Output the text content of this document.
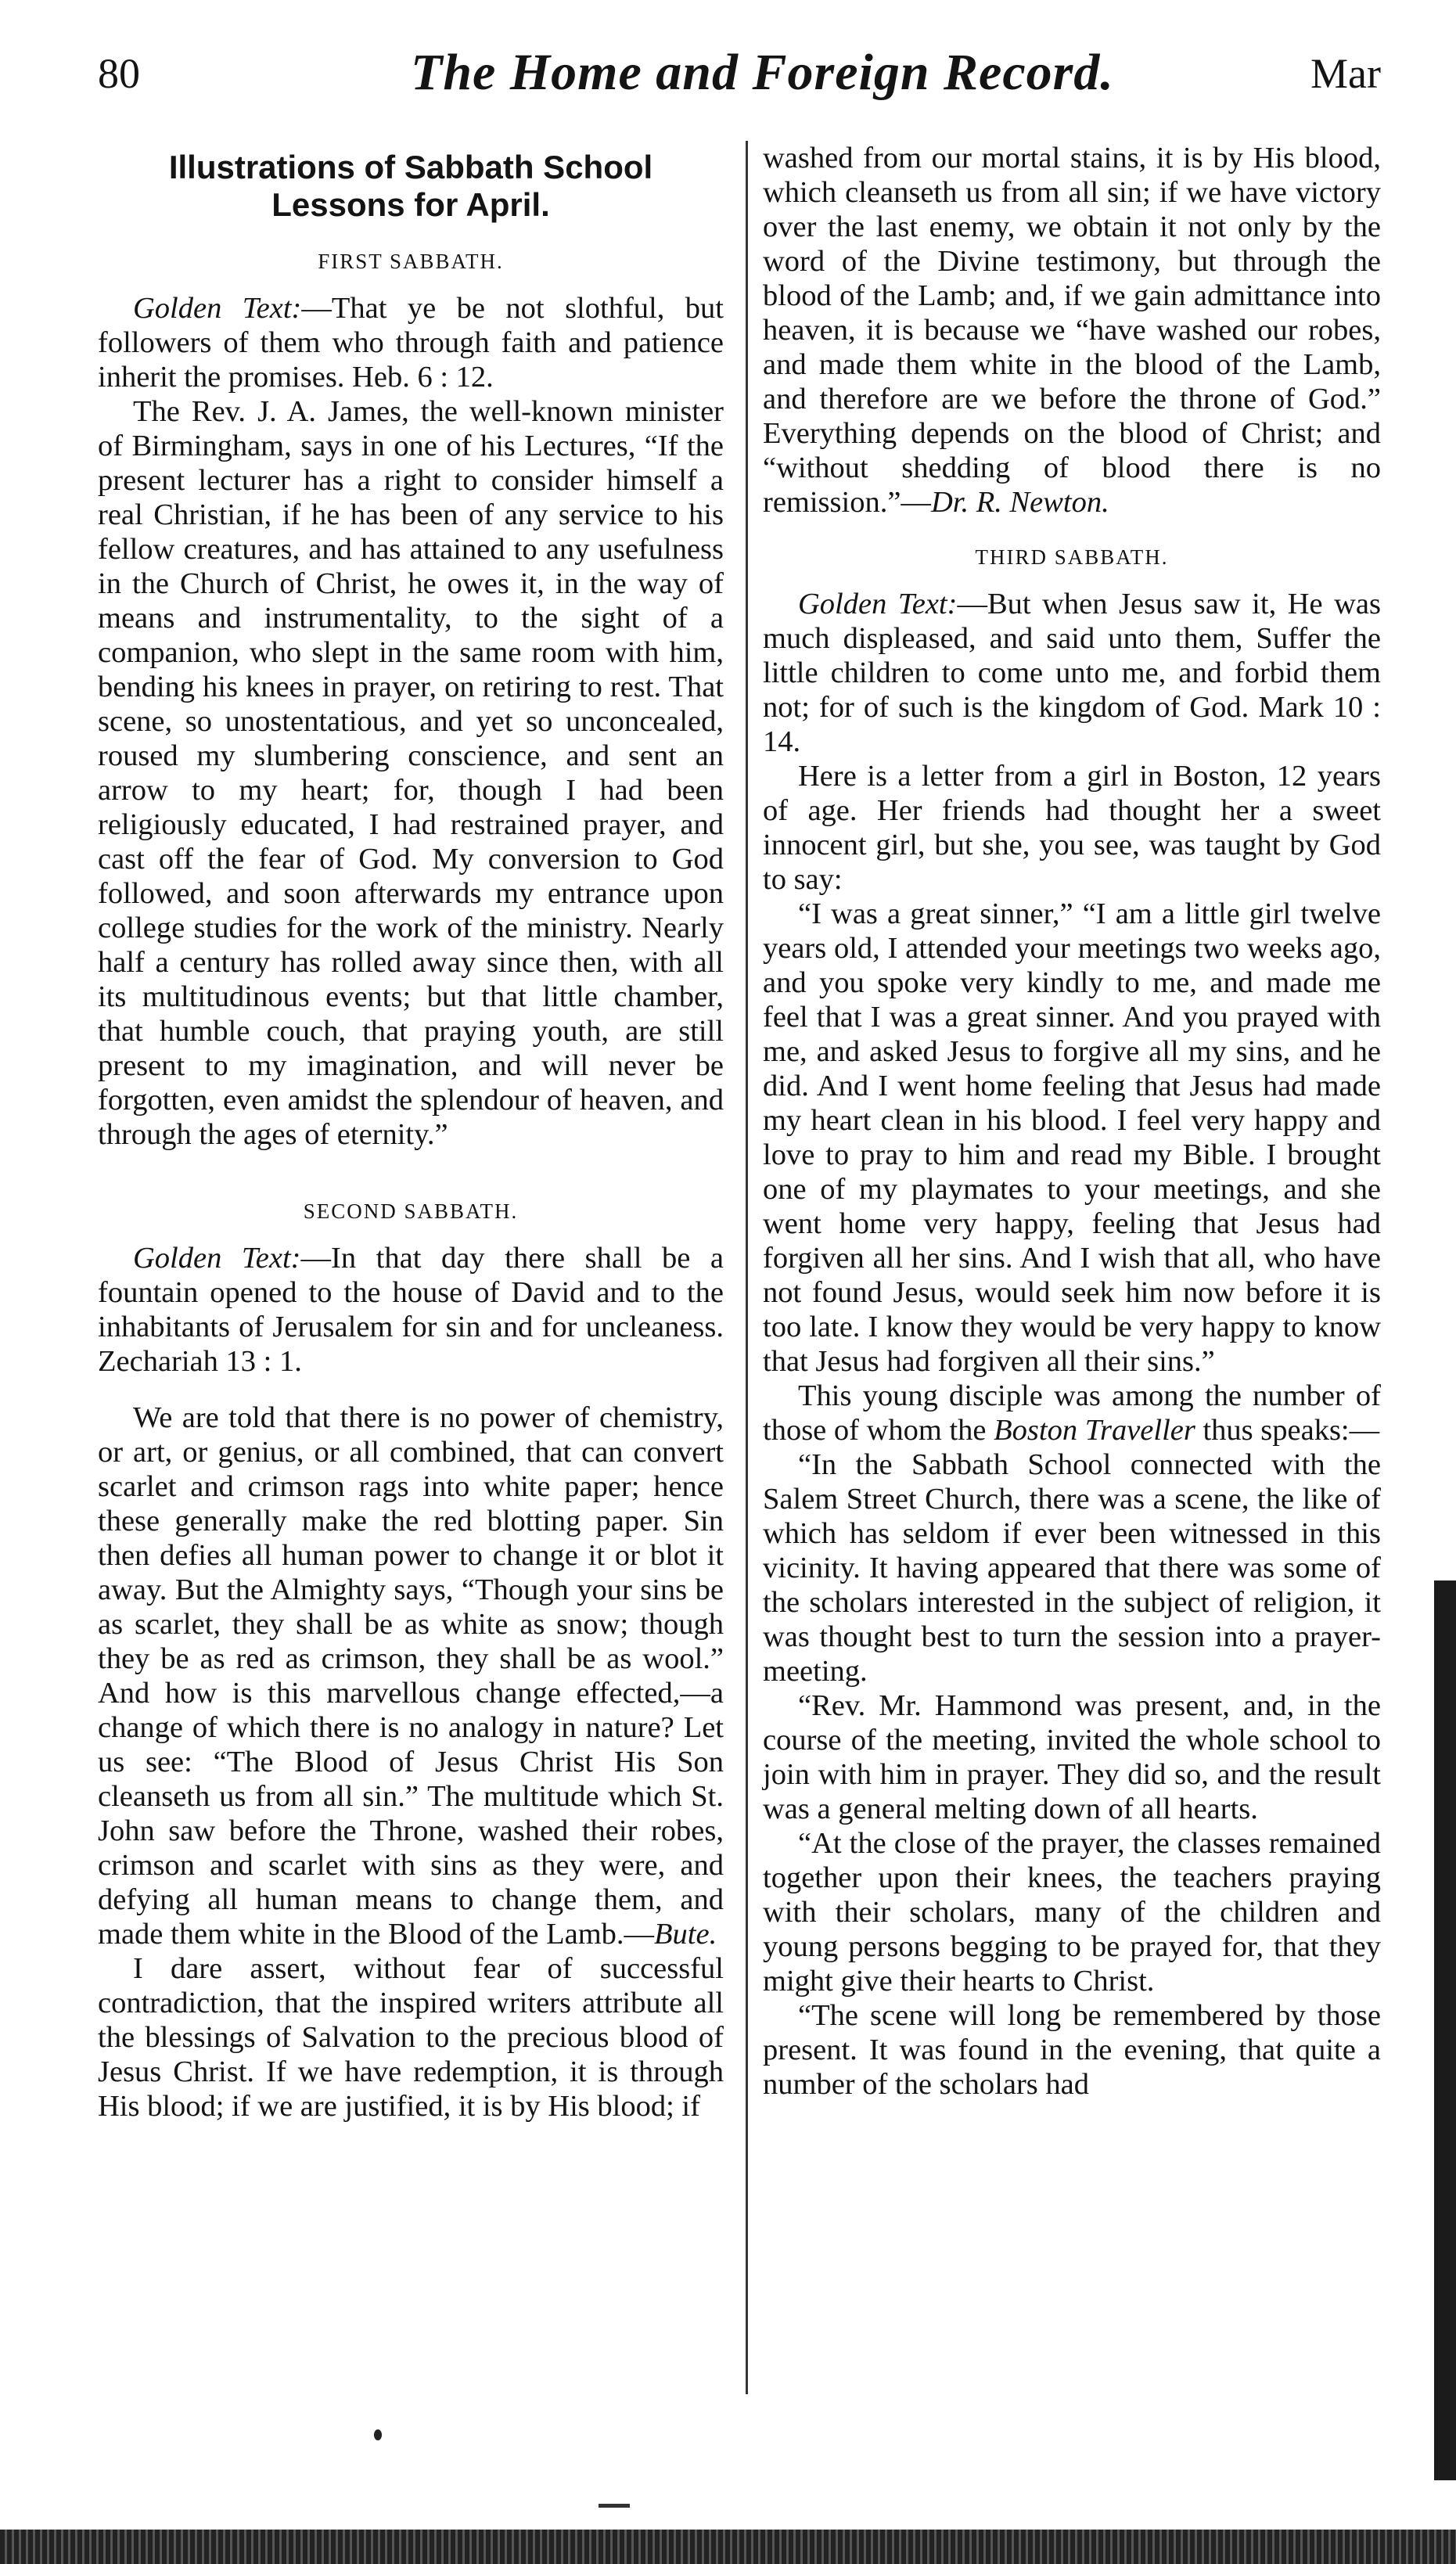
80	The Home and Foreign Record.	Mar
Illustrations of Sabbath School
Lessons for April.
FIRST SABBATH.

Golden Text:—That ye be not slothful, but followers of them who through faith and patience inherit the promises. Heb. 6 : 12.

The Rev. J. A. James, the well-known minister of Birmingham, says in one of his Lectures, “If the present lecturer has a right to consider himself a real Christian, if he has been of any service to his fellow creatures, and has attained to any usefulness in the Church of Christ, he owes it, in the way of means and instrumentality, to the sight of a companion, who slept in the same room with him, bending his knees in prayer, on retiring to rest. That scene, so unostentatious, and yet so unconcealed, roused my slumbering conscience, and sent an arrow to my heart; for, though I had been religiously educated, I had restrained prayer, and cast off the fear of God. My conversion to God followed, and soon afterwards my entrance upon college studies for the work of the ministry. Nearly half a century has rolled away since then, with all its multitudinous events; but that little chamber, that humble couch, that praying youth, are still present to my imagination, and will never be forgotten, even amidst the splendour of heaven, and through the ages of eternity.”

SECOND SABBATH.

Golden Text:—In that day there shall be a fountain opened to the house of David and to the inhabitants of Jerusalem for sin and for uncleaness. Zechariah 13 : 1.

We are told that there is no power of chemistry, or art, or genius, or all combined, that can convert scarlet and crimson rags into white paper; hence these generally make the red blotting paper. Sin then defies all human power to change it or blot it away. But the Almighty says, “Though your sins be as scarlet, they shall be as white as snow; though they be as red as crimson, they shall be as wool.” And how is this marvellous change effected,—a change of which there is no analogy in nature? Let us see: “The Blood of Jesus Christ His Son cleanseth us from all sin.” The multitude which St. John saw before the Throne, washed their robes, crimson and scarlet with sins as they were, and defying all human means to change them, and made them white in the Blood of the Lamb.—Bute.

I dare assert, without fear of successful contradiction, that the inspired writers attribute all the blessings of Salvation to the precious blood of Jesus Christ. If we have redemption, it is through His blood; if we are justified, it is by His blood; if

washed from our mortal stains, it is by His blood, which cleanseth us from all sin; if we have victory over the last enemy, we obtain it not only by the word of the Divine testimony, but through the blood of the Lamb; and, if we gain admittance into heaven, it is because we “have washed our robes, and made them white in the blood of the Lamb, and therefore are we before the throne of God.” Everything depends on the blood of Christ; and “without shedding of blood there is no remission.”—Dr. R. Newton.

THIRD SABBATH.

Golden Text:—But when Jesus saw it, He was much displeased, and said unto them, Suffer the little children to come unto me, and forbid them not; for of such is the kingdom of God. Mark 10 : 14.

Here is a letter from a girl in Boston, 12 years of age. Her friends had thought her a sweet innocent girl, but she, you see, was taught by God to say:

“I was a great sinner,” “I am a little girl twelve years old, I attended your meetings two weeks ago, and you spoke very kindly to me, and made me feel that I was a great sinner. And you prayed with me, and asked Jesus to forgive all my sins, and he did. And I went home feeling that Jesus had made my heart clean in his blood. I feel very happy and love to pray to him and read my Bible. I brought one of my playmates to your meetings, and she went home very happy, feeling that Jesus had forgiven all her sins. And I wish that all, who have not found Jesus, would seek him now before it is too late. I know they would be very happy to know that Jesus had forgiven all their sins.”

This young disciple was among the number of those of whom the Boston Traveller thus speaks:—

“In the Sabbath School connected with the Salem Street Church, there was a scene, the like of which has seldom if ever been witnessed in this vicinity. It having appeared that there was some of the scholars interested in the subject of religion, it was thought best to turn the session into a prayer-meeting.

“Rev. Mr. Hammond was present, and, in the course of the meeting, invited the whole school to join with him in prayer. They did so, and the result was a general melting down of all hearts.

“At the close of the prayer, the classes remained together upon their knees, the teachers praying with their scholars, many of the children and young persons begging to be prayed for, that they might give their hearts to Christ.

“The scene will long be remembered by those present. It was found in the evening, that quite a number of the scholars had
